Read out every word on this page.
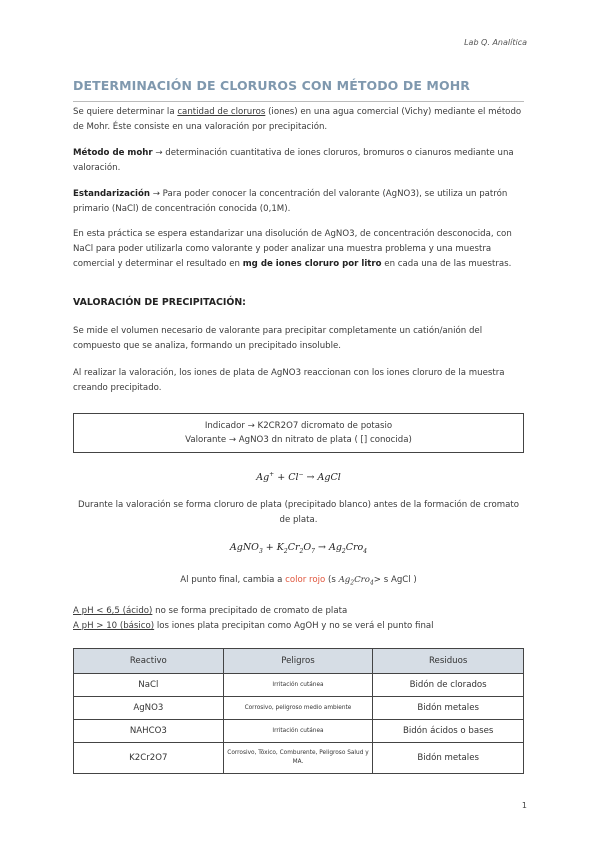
Lab Q. Analítica
DETERMINACIÓN DE CLORUROS CON MÉTODO DE MOHR
Se quiere determinar la cantidad de cloruros (iones) en una agua comercial (Vichy) mediante el método de Mohr. Éste consiste en una valoración por precipitación.
Método de mohr → determinación cuantitativa de iones cloruros, bromuros o cianuros mediante una valoración.
Estandarización → Para poder conocer la concentración del valorante (AgNO3), se utiliza un patrón primario (NaCl) de concentración conocida (0,1M).
En esta práctica se espera estandarizar una disolución de AgNO3, de concentración desconocida, con NaCl para poder utilizarla como valorante y poder analizar una muestra problema y una muestra comercial y determinar el resultado en mg de iones cloruro por litro en cada una de las muestras.
VALORACIÓN DE PRECIPITACIÓN:
Se mide el volumen necesario de valorante para precipitar completamente un catión/anión del compuesto que se analiza, formando un precipitado insoluble.
Al realizar la valoración, los iones de plata de AgNO3 reaccionan con los iones cloruro de la muestra creando precipitado.
Indicador → K2CR2O7 dicromato de potasio
Valorante → AgNO3 dn nitrato de plata ( [] conocida)
Ag+ + Cl− → AgCl
Durante la valoración se forma cloruro de plata (precipitado blanco) antes de la formación de cromato de plata.
AgNO$_3$ + $K_2Cr_2O_7 \to Ag_2Cro_4$
Al punto final, cambia a color rojo (s $Ag_2Cro_4> s$ AgCl )
A pH < 6,5 (ácido) no se forma precipitado de cromato de plata
A pH > 10 (básico) los iones plata precipitan como AgOH y no se verá el punto final
Reactivo	Peligros	Residuos
NaCl	Irritación cutánea	Bidón de clorados
AgNO3	Corrosivo, peligroso medio ambiente	Bidón metales
NAHCO3	Irritación cutánea	Bidón ácidos o bases
K2Cr2O7	Corrosivo, Tóxico, Comburente, Peligroso Salud y MA.	Bidón metales
1
